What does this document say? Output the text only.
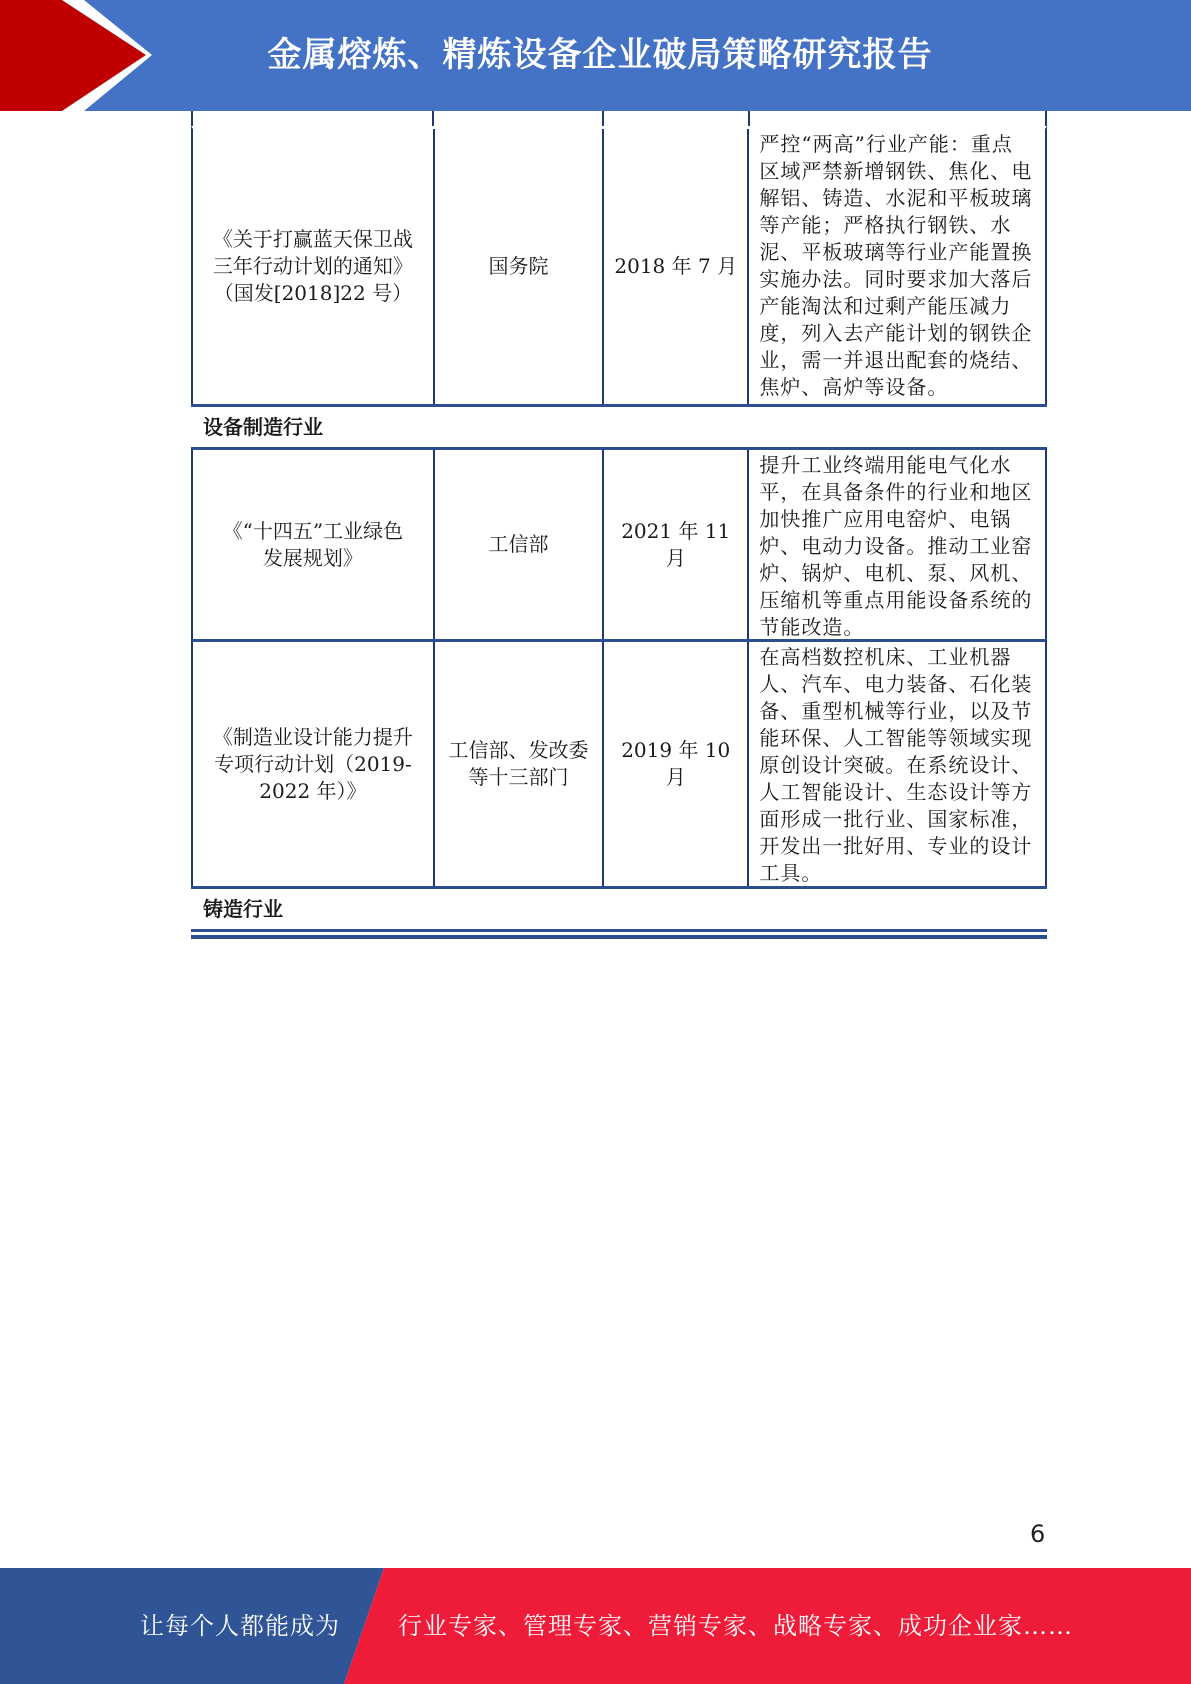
金属熔炼、精炼设备企业破局策略研究报告
《关于打赢蓝天保卫战
三年行动计划的通知》
（国发[2018]22 号）
国务院	2018 年 7 月
严控“两高”行业产能：重点
区域严禁新增钢铁、焦化、电
解铝、铸造、水泥和平板玻璃
等产能；严格执行钢铁、水
泥、平板玻璃等行业产能置换
实施办法。同时要求加大落后
产能淘汰和过剩产能压减力
度，列入去产能计划的钢铁企
业，需一并退出配套的烧结、
焦炉、高炉等设备。
设备制造行业
《“十四五”工业绿色
发展规划》
工信部
2021 年 11 月
提升工业终端用能电气化水
平，在具备条件的行业和地区
加快推广应用电窑炉、电锅
炉、电动力设备。推动工业窑
炉、锅炉、电机、泵、风机、
压缩机等重点用能设备系统的
节能改造。
《制造业设计能力提升
专项行动计划（2019-
2022 年）》
工信部、发改委
等十三部门
2019 年 10 月
在高档数控机床、工业机器
人、汽车、电力装备、石化装
备、重型机械等行业，以及节
能环保、人工智能等领域实现
原创设计突破。在系统设计、
人工智能设计、生态设计等方
面形成一批行业、国家标准，
开发出一批好用、专业的设计
工具。
铸造行业
6
让每个人都能成为 行业专家、管理专家、营销专家、战略专家、成功企业家……
